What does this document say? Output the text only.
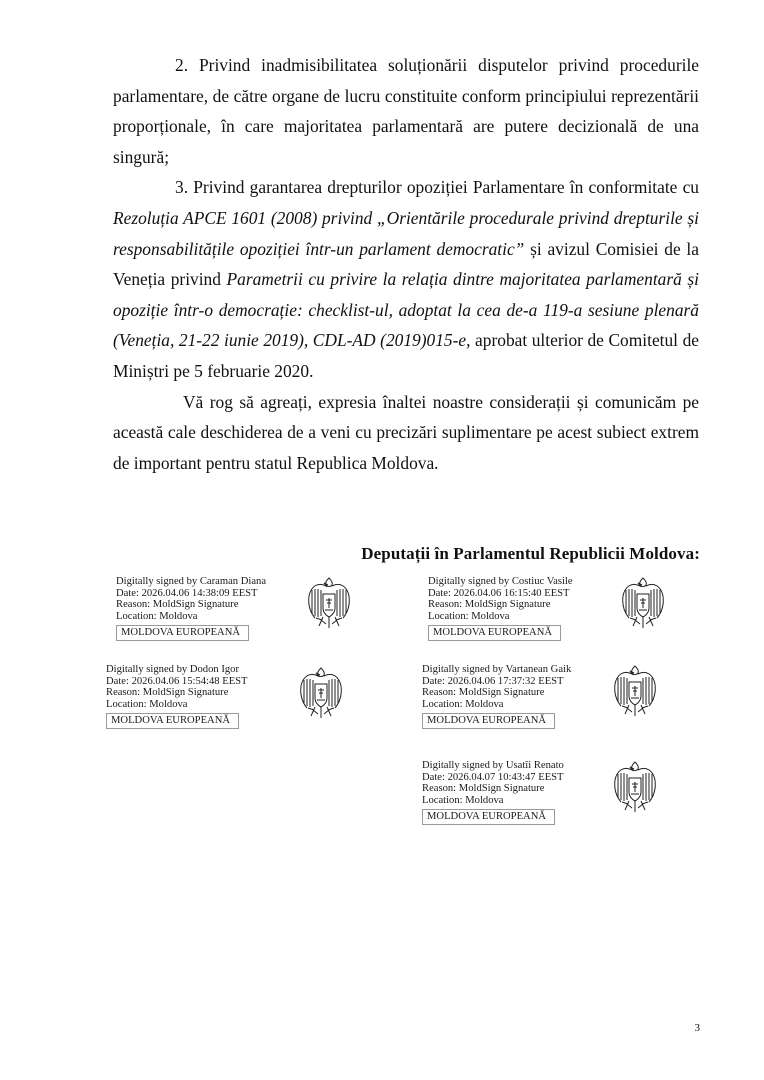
2. Privind inadmisibilitatea soluționării disputelor privind procedurile parlamentare, de către organe de lucru constituite conform principiului reprezentării proporționale, în care majoritatea parlamentară are putere decizională de una singură;

3. Privind garantarea drepturilor opoziției Parlamentare în conformitate cu Rezoluția APCE 1601 (2008) privind „Orientările procedurale privind drepturile și responsabilitățile opoziției într-un parlament democratic” și avizul Comisiei de la Veneția privind Parametrii cu privire la relația dintre majoritatea parlamentară și opoziție într-o democrație: checklist-ul, adoptat la cea de-a 119-a sesiune plenară (Veneția, 21-22 iunie 2019), CDL-AD (2019)015-e, aprobat ulterior de Comitetul de Miniștri pe 5 februarie 2020.

Vă rog să agreați, expresia înaltei noastre considerații și comunicăm pe această cale deschiderea de a veni cu precizări suplimentare pe acest subiect extrem de important pentru statul Republica Moldova.

Deputații în Parlamentul Republicii Moldova:
Digitally signed by Caraman Diana
Date: 2026.04.06 14:38:09 EEST
Reason: MoldSign Signature
Location: Moldova
MOLDOVA EUROPEANĂ
Digitally signed by Costiuc Vasile
Date: 2026.04.06 16:15:40 EEST
Reason: MoldSign Signature
Location: Moldova
MOLDOVA EUROPEANĂ
Digitally signed by Dodon Igor
Date: 2026.04.06 15:54:48 EEST
Reason: MoldSign Signature
Location: Moldova
MOLDOVA EUROPEANĂ
Digitally signed by Vartanean Gaik
Date: 2026.04.06 17:37:32 EEST
Reason: MoldSign Signature
Location: Moldova
MOLDOVA EUROPEANĂ
Digitally signed by Usatîi Renato
Date: 2026.04.07 10:43:47 EEST
Reason: MoldSign Signature
Location: Moldova
MOLDOVA EUROPEANĂ
3
